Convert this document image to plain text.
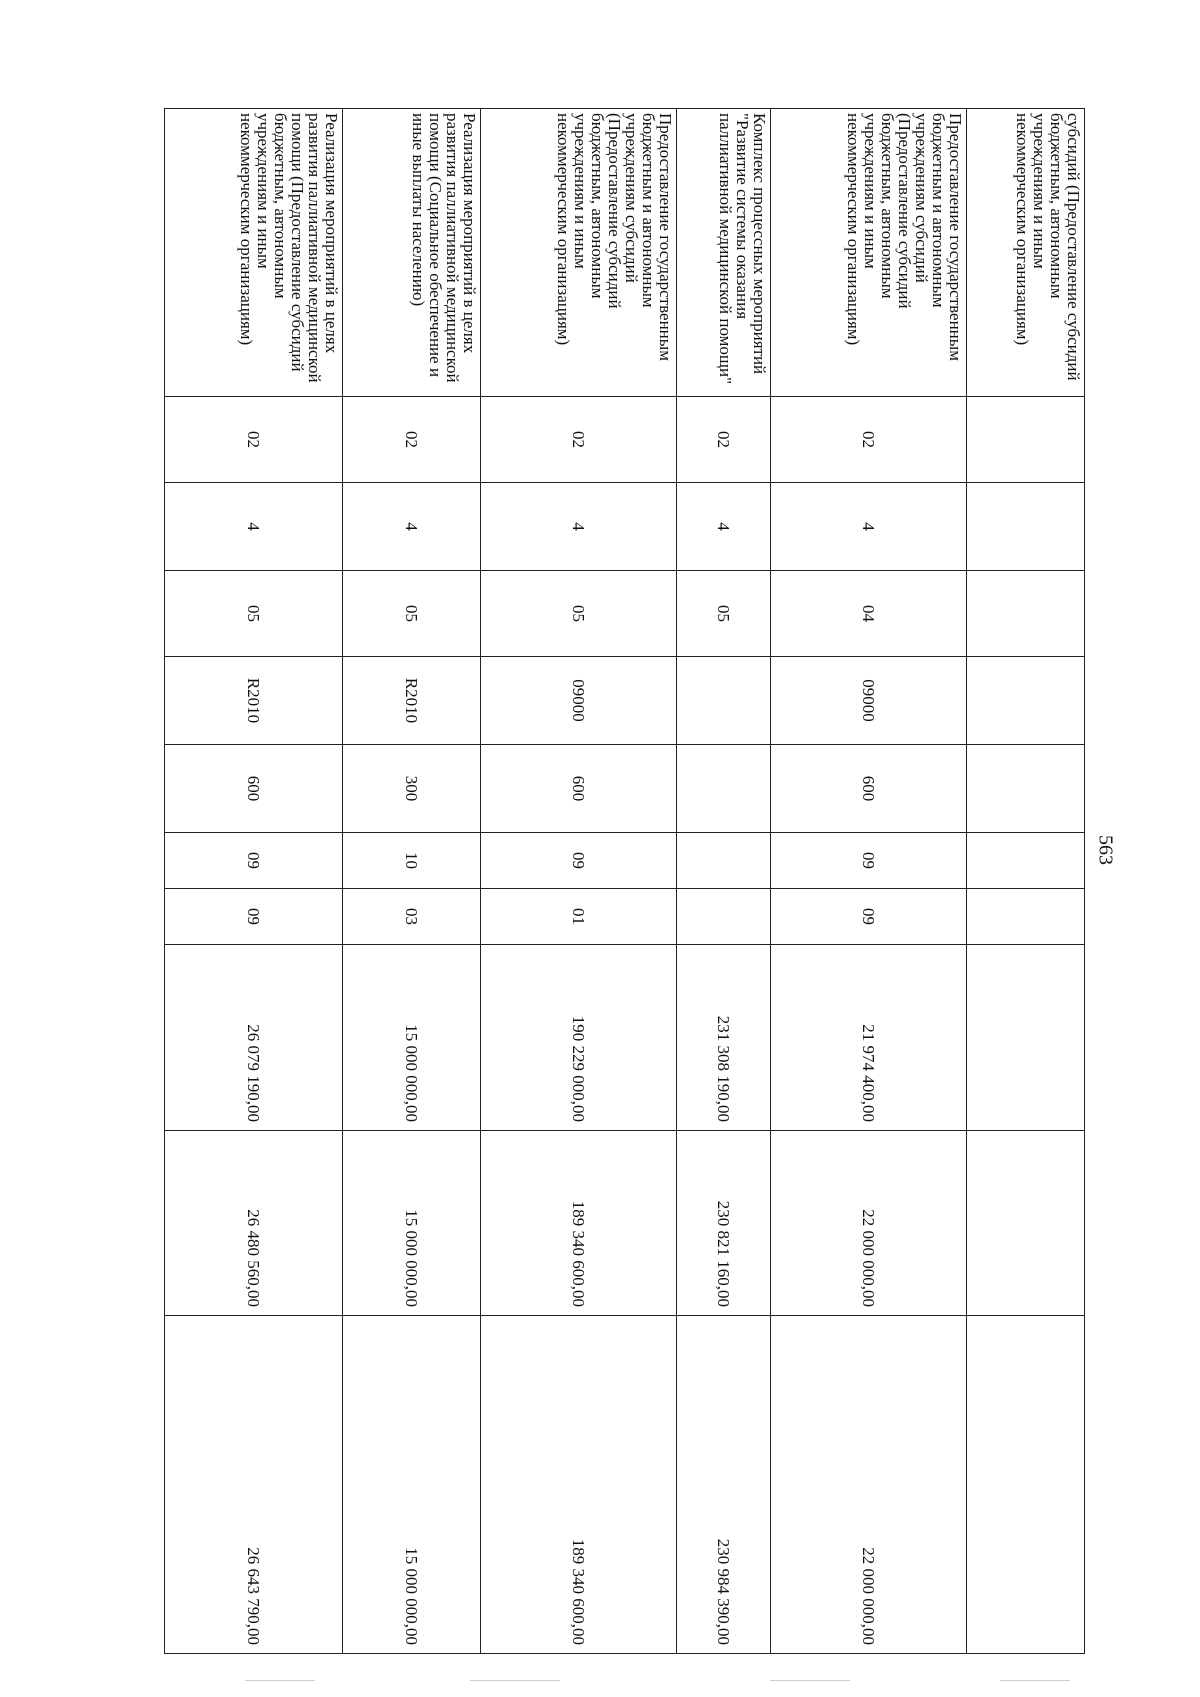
563
субсидий (Предоставление субсидий бюджетным, автономным учреждениям и иным некоммерческим организациям)										
Предоставление государственным бюджетным и автономным учреждениям субсидий (Предоставление субсидий бюджетным, автономным учреждениям и иным некоммерческим организациям)	02	4	04	09000	600	09	09	21 974 400,00	22 000 000,00	22 000 000,00
Комплекс процессных мероприятий "Развитие системы оказания паллиативной медицинской помощи"	02	4	05					231 308 190,00	230 821 160,00	230 984 390,00
Предоставление государственным бюджетным и автономным учреждениям субсидий (Предоставление субсидий бюджетным, автономным учреждениям и иным некоммерческим организациям)	02	4	05	09000	600	09	01	190 229 000,00	189 340 600,00	189 340 600,00
Реализация мероприятий в целях развития паллиативной медицинской помощи (Социальное обеспечение и иные выплаты населению)	02	4	05	R2010	300	10	03	15 000 000,00	15 000 000,00	15 000 000,00
Реализация мероприятий в целях развития паллиативной медицинской помощи (Предоставление субсидий бюджетным, автономным учреждениям и иным некоммерческим организациям)	02	4	05	R2010	600	09	09	26 079 190,00	26 480 560,00	26 643 790,00
